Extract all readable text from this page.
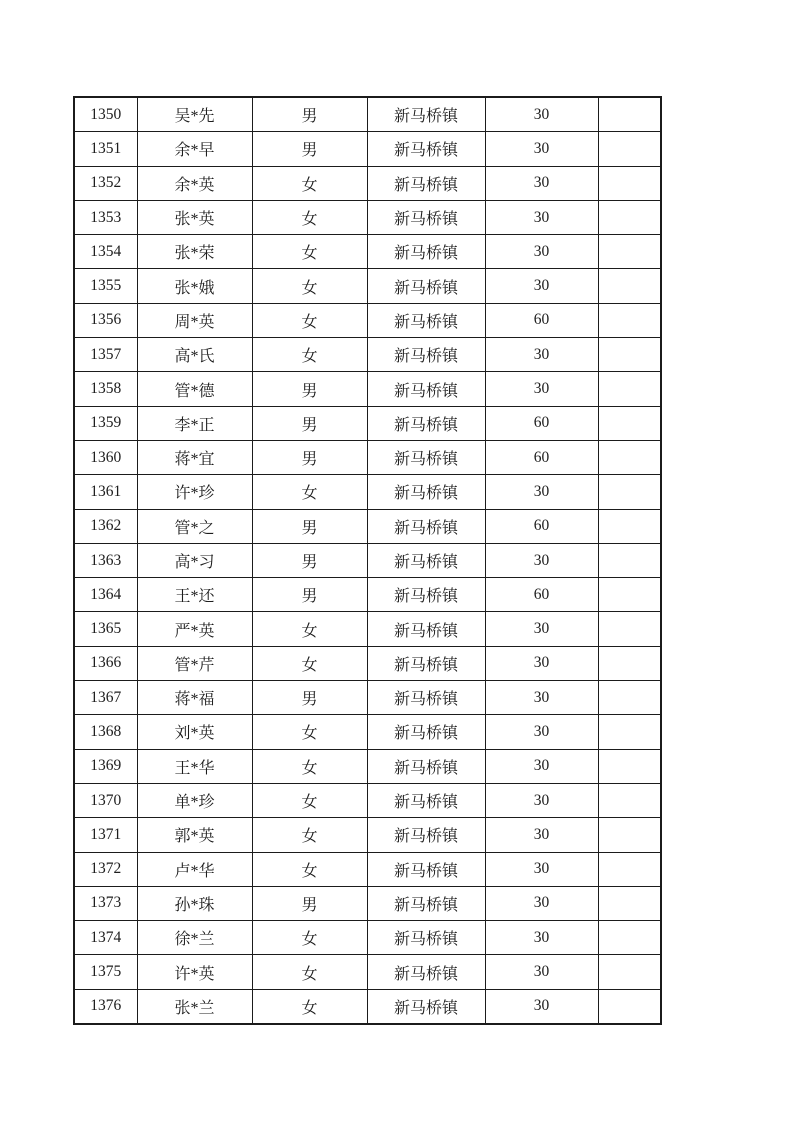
1350	吴*先	男	新马桥镇	30	
1351	余*早	男	新马桥镇	30	
1352	余*英	女	新马桥镇	30	
1353	张*英	女	新马桥镇	30	
1354	张*荣	女	新马桥镇	30	
1355	张*娥	女	新马桥镇	30	
1356	周*英	女	新马桥镇	60	
1357	高*氏	女	新马桥镇	30	
1358	管*德	男	新马桥镇	30	
1359	李*正	男	新马桥镇	60	
1360	蒋*宜	男	新马桥镇	60	
1361	许*珍	女	新马桥镇	30	
1362	管*之	男	新马桥镇	60	
1363	高*习	男	新马桥镇	30	
1364	王*还	男	新马桥镇	60	
1365	严*英	女	新马桥镇	30	
1366	管*芹	女	新马桥镇	30	
1367	蒋*福	男	新马桥镇	30	
1368	刘*英	女	新马桥镇	30	
1369	王*华	女	新马桥镇	30	
1370	单*珍	女	新马桥镇	30	
1371	郭*英	女	新马桥镇	30	
1372	卢*华	女	新马桥镇	30	
1373	孙*珠	男	新马桥镇	30	
1374	徐*兰	女	新马桥镇	30	
1375	许*英	女	新马桥镇	30	
1376	张*兰	女	新马桥镇	30	
